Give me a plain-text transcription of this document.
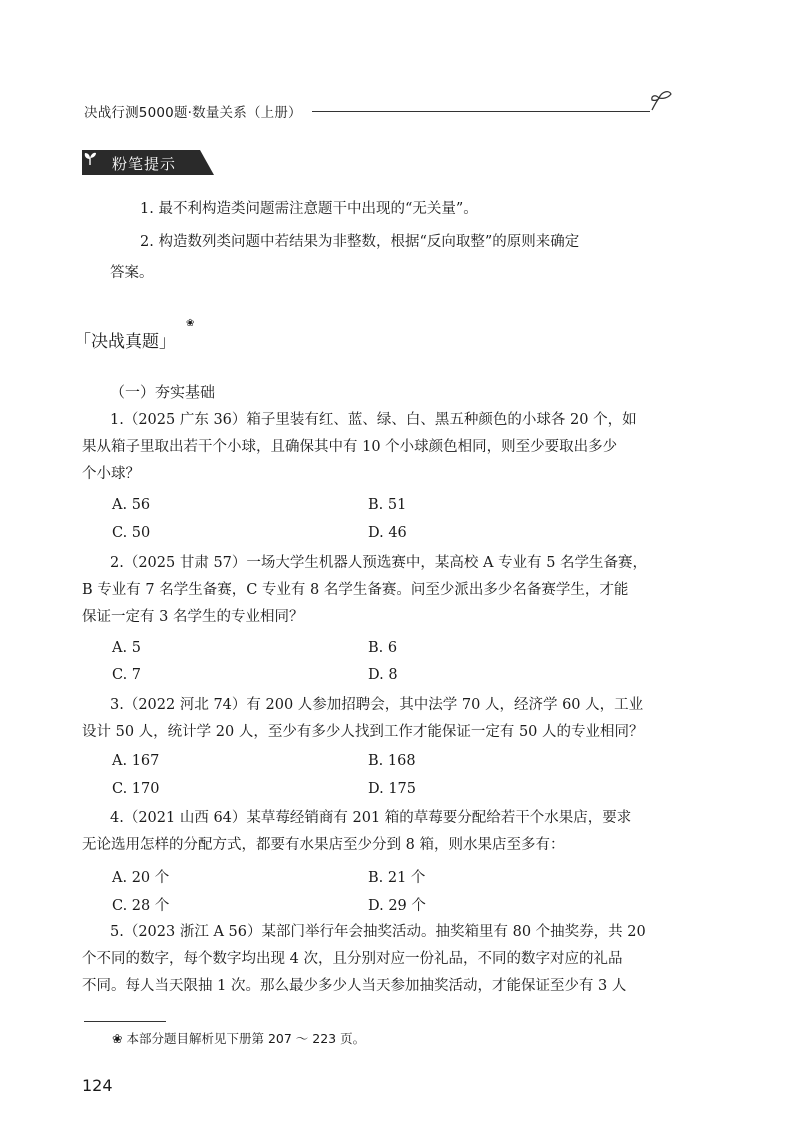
决战行测5000题·数量关系（上册）
粉笔提示
1. 最不利构造类问题需注意题干中出现的“无关量”。
2. 构造数列类问题中若结果为非整数，根据“反向取整”的原则来确定
答案。
「决战真题」
❀
（一）夯实基础
1.（2025 广东 36）箱子里装有红、蓝、绿、白、黑五种颜色的小球各 20 个，如
果从箱子里取出若干个小球，且确保其中有 10 个小球颜色相同，则至少要取出多少
个小球？
A. 56	B. 51
C. 50	D. 46
2.（2025 甘肃 57）一场大学生机器人预选赛中，某高校 A 专业有 5 名学生备赛，
B 专业有 7 名学生备赛，C 专业有 8 名学生备赛。问至少派出多少名备赛学生，才能
保证一定有 3 名学生的专业相同？
A. 5	B. 6
C. 7	D. 8
3.（2022 河北 74）有 200 人参加招聘会，其中法学 70 人，经济学 60 人，工业
设计 50 人，统计学 20 人，至少有多少人找到工作才能保证一定有 50 人的专业相同？
A. 167	B. 168
C. 170	D. 175
4.（2021 山西 64）某草莓经销商有 201 箱的草莓要分配给若干个水果店，要求
无论选用怎样的分配方式，都要有水果店至少分到 8 箱，则水果店至多有：
A. 20 个	B. 21 个
C. 28 个	D. 29 个
5.（2023 浙江 A 56）某部门举行年会抽奖活动。抽奖箱里有 80 个抽奖券，共 20
个不同的数字，每个数字均出现 4 次，且分别对应一份礼品，不同的数字对应的礼品
不同。每人当天限抽 1 次。那么最少多少人当天参加抽奖活动，才能保证至少有 3 人
❀ 本部分题目解析见下册第 207 ～ 223 页。
124
